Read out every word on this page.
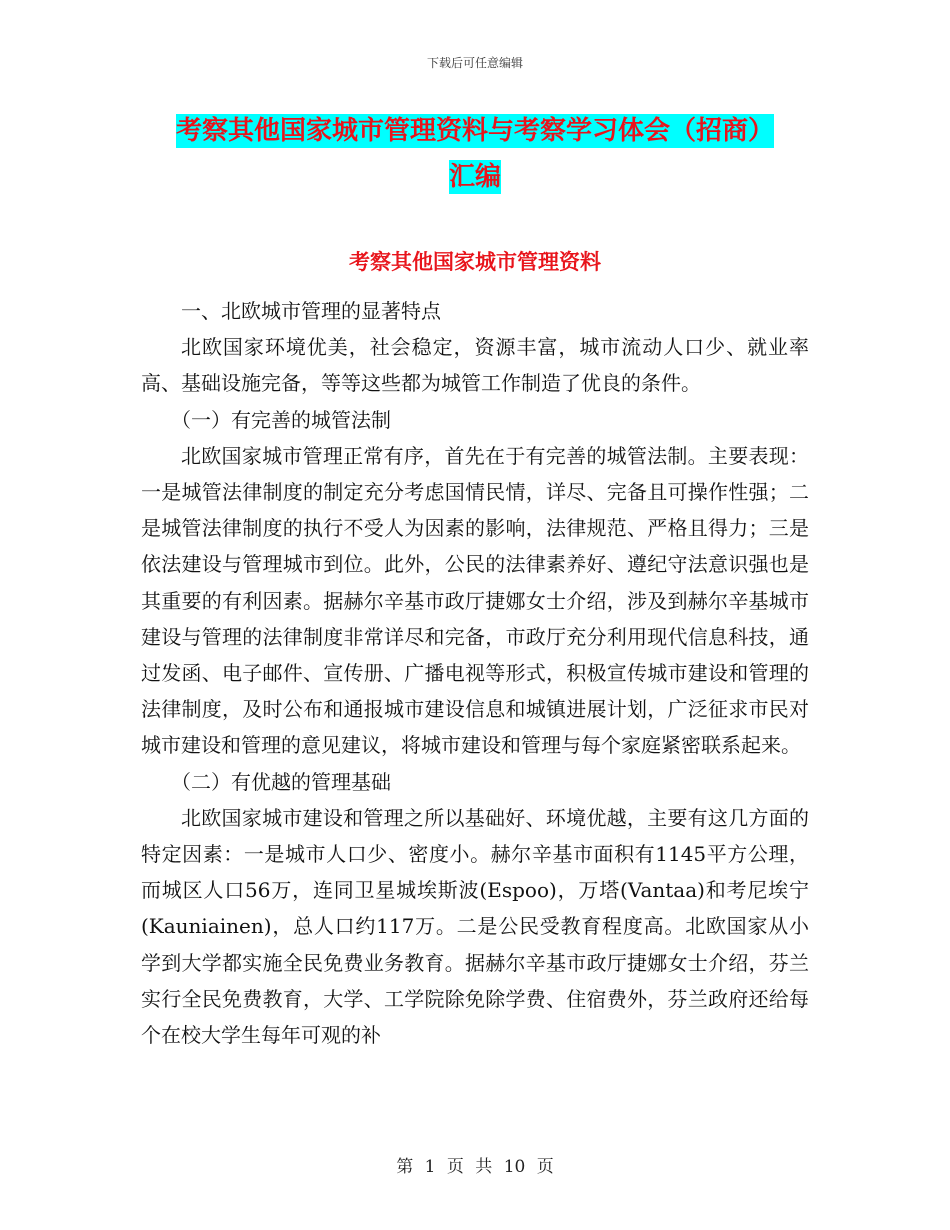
下载后可任意编辑
考察其他国家城市管理资料与考察学习体会（招商）
汇编
考察其他国家城市管理资料

一、北欧城市管理的显著特点

北欧国家环境优美，社会稳定，资源丰富，城市流动人口少、就业率高、基础设施完备，等等这些都为城管工作制造了优良的条件。

（一）有完善的城管法制

北欧国家城市管理正常有序，首先在于有完善的城管法制。主要表现：一是城管法律制度的制定充分考虑国情民情，详尽、完备且可操作性强；二是城管法律制度的执行不受人为因素的影响，法律规范、严格且得力；三是依法建设与管理城市到位。此外，公民的法律素养好、遵纪守法意识强也是其重要的有利因素。据赫尔辛基市政厅捷娜女士介绍，涉及到赫尔辛基城市建设与管理的法律制度非常详尽和完备，市政厅充分利用现代信息科技，通过发函、电子邮件、宣传册、广播电视等形式，积极宣传城市建设和管理的法律制度，及时公布和通报城市建设信息和城镇进展计划，广泛征求市民对城市建设和管理的意见建议，将城市建设和管理与每个家庭紧密联系起来。

（二）有优越的管理基础

北欧国家城市建设和管理之所以基础好、环境优越，主要有这几方面的特定因素：一是城市人口少、密度小。赫尔辛基市面积有1145平方公理，而城区人口56万，连同卫星城埃斯波(Espoo)，万塔(Vantaa)和考尼埃宁(Kauniainen)，总人口约117万。二是公民受教育程度高。北欧国家从小学到大学都实施全民免费业务教育。据赫尔辛基市政厅捷娜女士介绍，芬兰实行全民免费教育，大学、工学院除免除学费、住宿费外，芬兰政府还给每个在校大学生每年可观的补

第 1 页 共 10 页
